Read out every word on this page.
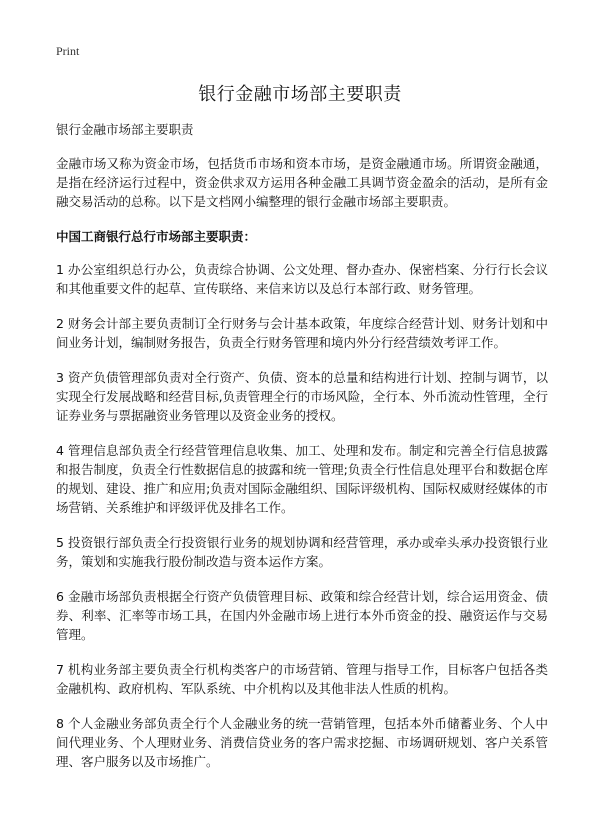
Print
银行金融市场部主要职责

银行金融市场部主要职责

金融市场又称为资金市场，包括货币市场和资本市场，是资金融通市场。所谓资金融通，是指在经济运行过程中，资金供求双方运用各种金融工具调节资金盈余的活动，是所有金融交易活动的总称。以下是文档网小编整理的银行金融市场部主要职责。

中国工商银行总行市场部主要职责：

1 办公室组织总行办公，负责综合协调、公文处理、督办查办、保密档案、分行行长会议和其他重要文件的起草、宣传联络、来信来访以及总行本部行政、财务管理。

2 财务会计部主要负责制订全行财务与会计基本政策，年度综合经营计划、财务计划和中间业务计划，编制财务报告，负责全行财务管理和境内外分行经营绩效考评工作。

3 资产负债管理部负责对全行资产、负债、资本的总量和结构进行计划、控制与调节，以实现全行发展战略和经营目标,负责管理全行的市场风险，全行本、外币流动性管理，全行证券业务与票据融资业务管理以及资金业务的授权。

4 管理信息部负责全行经营管理信息收集、加工、处理和发布。制定和完善全行信息披露和报告制度，负责全行性数据信息的披露和统一管理;负责全行性信息处理平台和数据仓库的规划、建设、推广和应用;负责对国际金融组织、国际评级机构、国际权威财经媒体的市场营销、关系维护和评级评优及排名工作。

5 投资银行部负责全行投资银行业务的规划协调和经营管理，承办或牵头承办投资银行业务，策划和实施我行股份制改造与资本运作方案。

6 金融市场部负责根据全行资产负债管理目标、政策和综合经营计划，综合运用资金、债券、利率、汇率等市场工具，在国内外金融市场上进行本外币资金的投、融资运作与交易管理。

7 机构业务部主要负责全行机构类客户的市场营销、管理与指导工作，目标客户包括各类金融机构、政府机构、军队系统、中介机构以及其他非法人性质的机构。

8 个人金融业务部负责全行个人金融业务的统一营销管理，包括本外币储蓄业务、个人中间代理业务、个人理财业务、消费信贷业务的客户需求挖掘、市场调研规划、客户关系管理、客户服务以及市场推广。
